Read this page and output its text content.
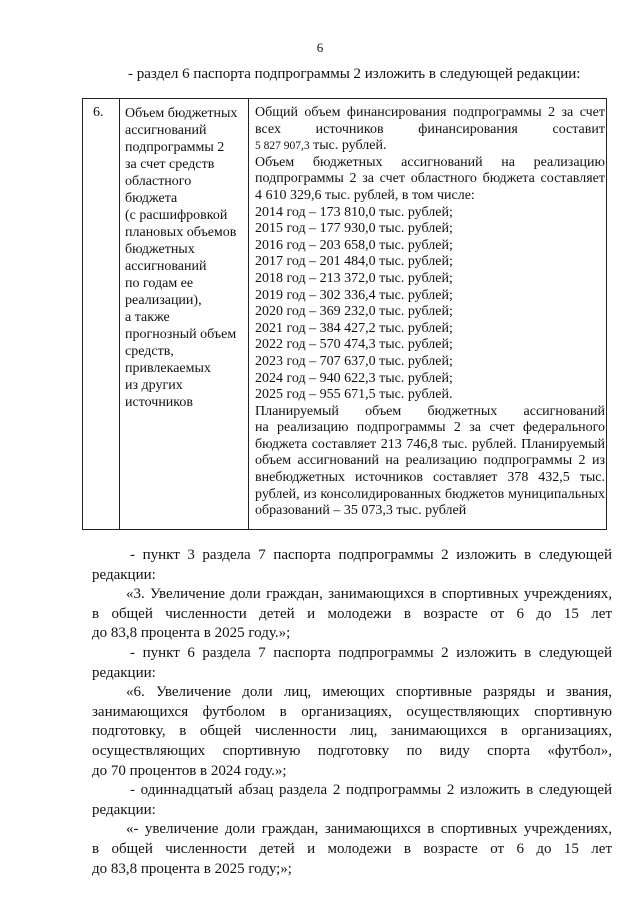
6
- раздел 6 паспорта подпрограммы 2 изложить в следующей редакции:
6. Объем бюджетных
ассигнований
подпрограммы 2
за счет средств
областного
бюджета
(с расшифровкой
плановых объемов
бюджетных
ассигнований
по годам ее
реализации),
а также
прогнозный объем
средств,
привлекаемых
из других
источников
Общий объем финансирования подпрограммы 2 за счет
всех источников финансирования составит
5 827 907,3 тыс. рублей.
Объем бюджетных ассигнований на реализацию
подпрограммы 2 за счет областного бюджета составляет
4 610 329,6 тыс. рублей, в том числе:
2014 год – 173 810,0 тыс. рублей;
2015 год – 177 930,0 тыс. рублей;
2016 год – 203 658,0 тыс. рублей;
2017 год – 201 484,0 тыс. рублей;
2018 год – 213 372,0 тыс. рублей;
2019 год – 302 336,4 тыс. рублей;
2020 год – 369 232,0 тыс. рублей;
2021 год – 384 427,2 тыс. рублей;
2022 год – 570 474,3 тыс. рублей;
2023 год – 707 637,0 тыс. рублей;
2024 год – 940 622,3 тыс. рублей;
2025 год – 955 671,5 тыс. рублей.
Планируемый объем бюджетных ассигнований
на реализацию подпрограммы 2 за счет федерального
бюджета составляет 213 746,8 тыс. рублей. Планируемый
объем ассигнований на реализацию подпрограммы 2 из
внебюджетных источников составляет 378 432,5 тыс.
рублей, из консолидированных бюджетов муниципальных
образований – 35 073,3 тыс. рублей
- пункт 3 раздела 7 паспорта подпрограммы 2 изложить в следующей
редакции:
«3. Увеличение доли граждан, занимающихся в спортивных учреждениях,
в общей численности детей и молодежи в возрасте от 6 до 15 лет
до 83,8 процента в 2025 году.»;
- пункт 6 раздела 7 паспорта подпрограммы 2 изложить в следующей
редакции:
«6. Увеличение доли лиц, имеющих спортивные разряды и звания,
занимающихся футболом в организациях, осуществляющих спортивную
подготовку, в общей численности лиц, занимающихся в организациях,
осуществляющих спортивную подготовку по виду спорта «футбол»,
до 70 процентов в 2024 году.»;
- одиннадцатый абзац раздела 2 подпрограммы 2 изложить в следующей
редакции:
«- увеличение доли граждан, занимающихся в спортивных учреждениях,
в общей численности детей и молодежи в возрасте от 6 до 15 лет
до 83,8 процента в 2025 году;»;
